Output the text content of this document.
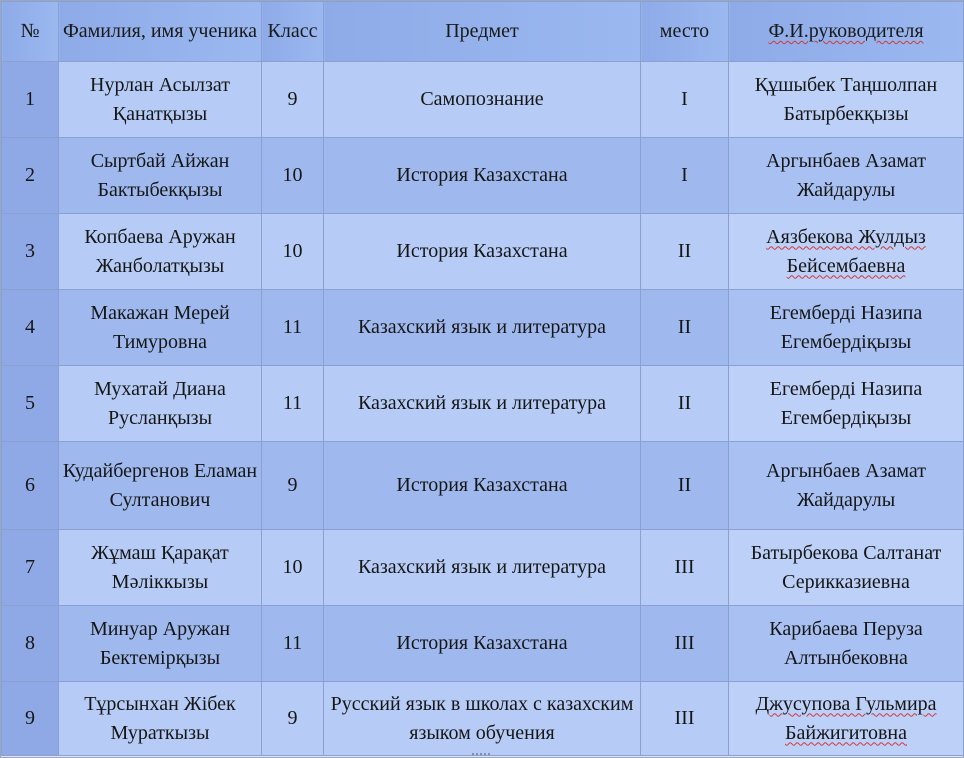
№	Фамилия, имя ученика	Класс	Предмет	место	Ф.И.руководителя
1	Нурлан Асылзат Қанатқызы	9	Самопознание	I	Құшыбек Таңшолпан Батырбекқызы
2	Сыртбай Айжан Бактыбекқызы	10	История Казахстана	I	Аргынбаев Азамат Жайдарулы
3	Копбаева Аружан Жанболатқызы	10	История Казахстана	II	Аязбекова Жулдыз Бейсембаевна
4	Макажан Мерей Тимуровна	11	Казахский язык и литература	II	Егемберді Назипа Егембердіқызы
5	Мухатай Диана Русланқызы	11	Казахский язык и литература	II	Егемберді Назипа Егембердіқызы
6	Кудайбергенов Еламан Султанович	9	История Казахстана	II	Аргынбаев Азамат Жайдарулы
7	Жұмаш Қарақат Мәліккызы	10	Казахский язык и литература	III	Батырбекова Салтанат Серикказиевна
8	Минуар Аружан Бектемірқызы	11	История Казахстана	III	Карибаева Перуза Алтынбековна
9	Тұрсынхан Жібек Мураткызы	9	Русский язык в школах с казахским языком обучения	III	Джусупова Гульмира Байжигитовна
